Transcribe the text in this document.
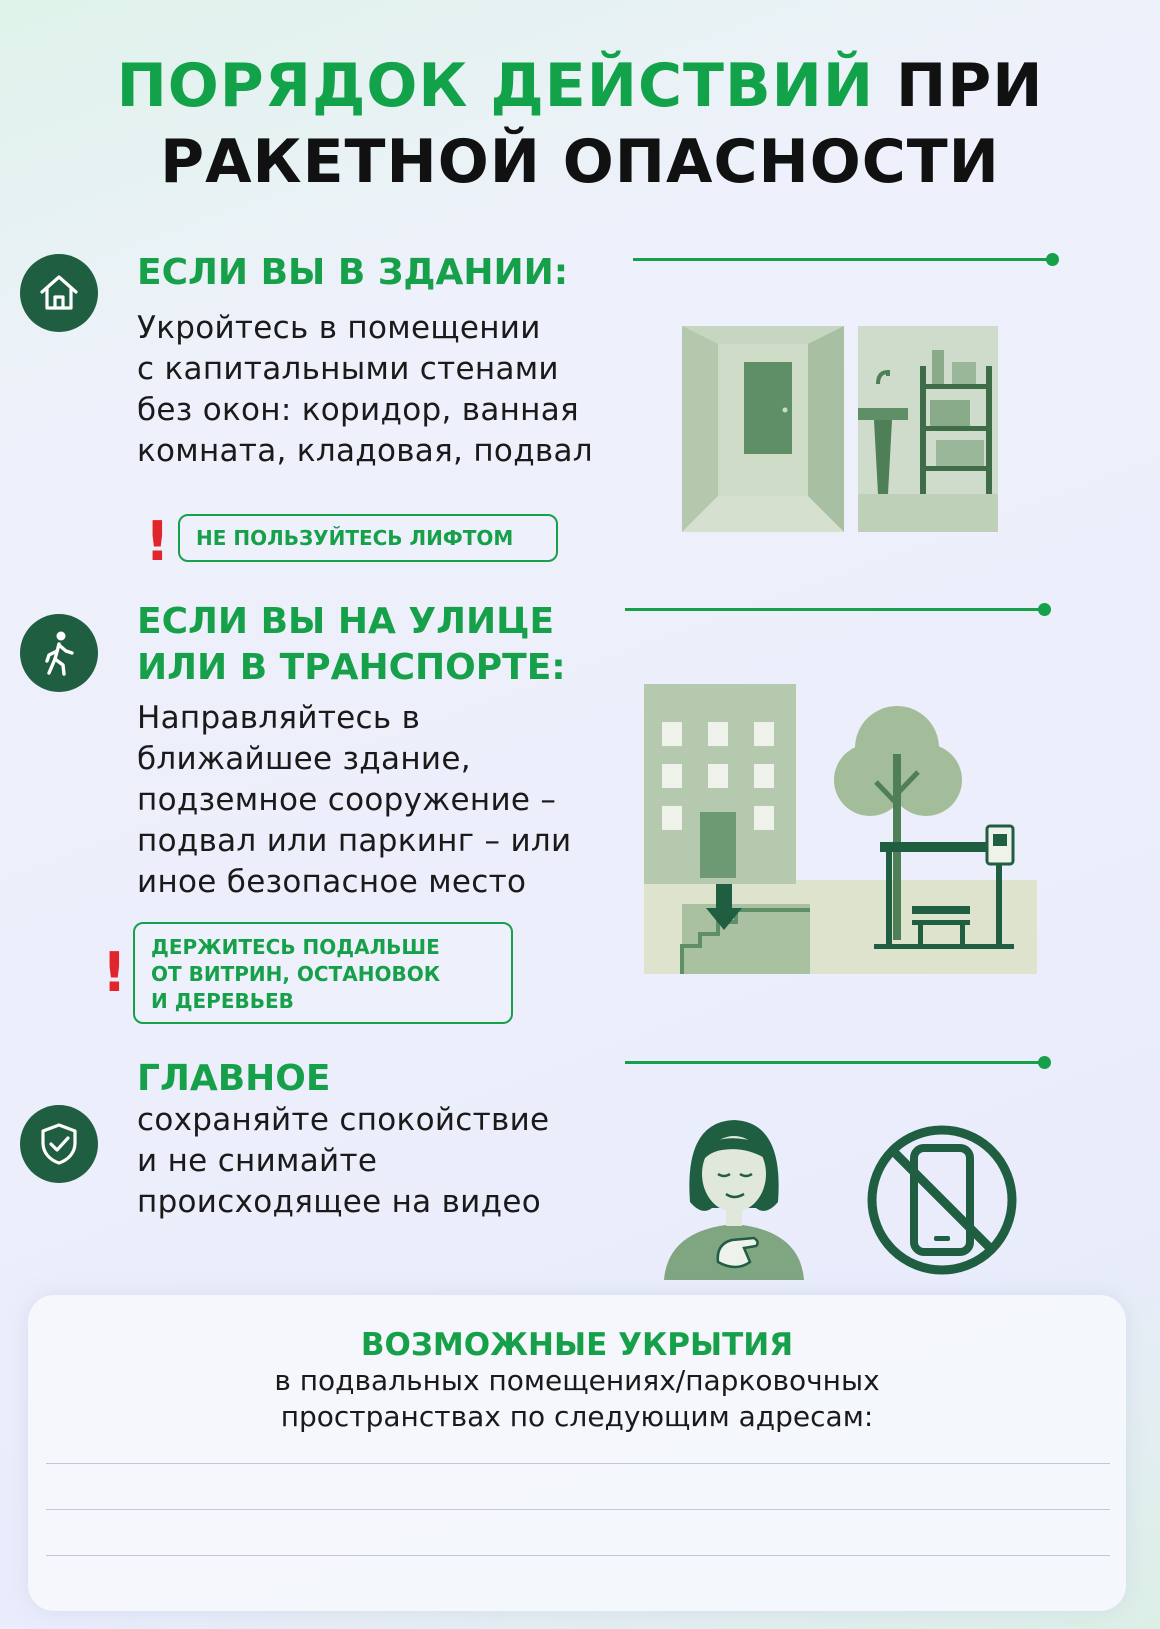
ПОРЯДОК ДЕЙСТВИЙ ПРИ
РАКЕТНОЙ ОПАСНОСТИ
ЕСЛИ ВЫ В ЗДАНИИ:
Укройтесь в помещении
с капитальными стенами
без окон: коридор, ванная
комната, кладовая, подвал
! НЕ ПОЛЬЗУЙТЕСЬ ЛИФТОМ
ЕСЛИ ВЫ НА УЛИЦЕ
ИЛИ В ТРАНСПОРТЕ:
Направляйтесь в
ближайшее здание,
подземное сооружение –
подвал или паркинг – или
иное безопасное место
! ДЕРЖИТЕСЬ ПОДАЛЬШЕ
ОТ ВИТРИН, ОСТАНОВОК
И ДЕРЕВЬЕВ
ГЛАВНОЕ
сохраняйте спокойствие
и не снимайте
происходящее на видео
ВОЗМОЖНЫЕ УКРЫТИЯ
в подвальных помещениях/парковочных
пространствах по следующим адресам:
